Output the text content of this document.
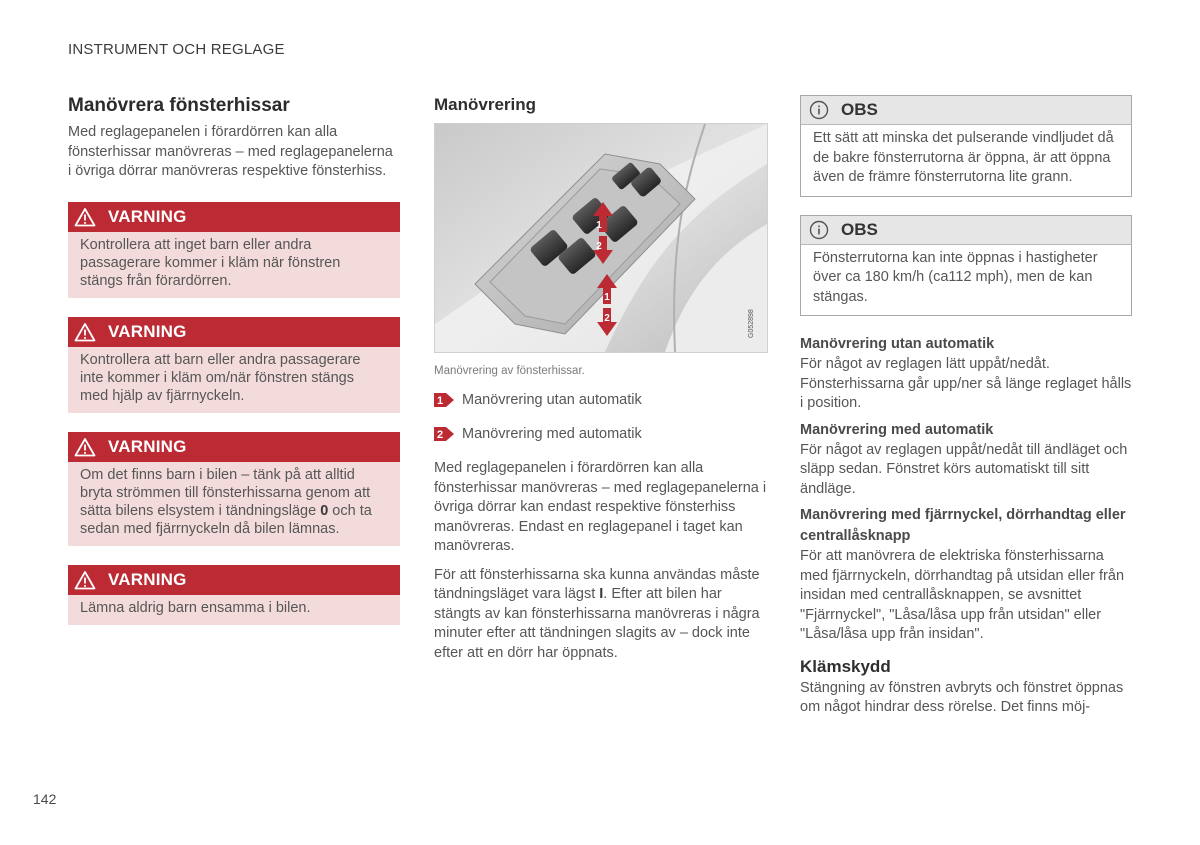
INSTRUMENT OCH REGLAGE
Manövrera fönsterhissar

Med reglagepanelen i förardörren kan alla fönsterhissar manövreras – med reglagepanelerna i övriga dörrar manövreras respektive fönsterhiss.

VARNING

Kontrollera att inget barn eller andra passagerare kommer i kläm när fönstren stängs från förardörren.

VARNING

Kontrollera att barn eller andra passagerare inte kommer i kläm om/när fönstren stängs med hjälp av fjärrnyckeln.

VARNING

Om det finns barn i bilen – tänk på att alltid bryta strömmen till fönsterhissarna genom att sätta bilens elsystem i tändningsläge 0 och ta sedan med fjärrnyckeln då bilen lämnas.

VARNING

Lämna aldrig barn ensamma i bilen.

Manövrering
1
2
1
2	G052898
Manövrering av fönsterhissar.
1 Manövrering utan automatik
2 Manövrering med automatik

Med reglagepanelen i förardörren kan alla fönsterhissar manövreras – med reglagepanelerna i övriga dörrar kan endast respektive fönsterhiss manövreras. Endast en reglagepanel i taget kan manövreras.

För att fönsterhissarna ska kunna användas måste tändningsläget vara lägst I. Efter att bilen har stängts av kan fönsterhissarna manövreras i några minuter efter att tändningen slagits av – dock inte efter att en dörr har öppnats.

OBS

Ett sätt att minska det pulserande vindljudet då de bakre fönsterrutorna är öppna, är att öppna även de främre fönsterrutorna lite grann.

OBS

Fönsterrutorna kan inte öppnas i hastigheter över ca 180 km/h (ca112 mph), men de kan stängas.

Manövrering utan automatik

För något av reglagen lätt uppåt/nedåt. Fönsterhissarna går upp/ner så länge reglaget hålls i position.

Manövrering med automatik

För något av reglagen uppåt/nedåt till ändläget och släpp sedan. Fönstret körs automatiskt till sitt ändläge.

Manövrering med fjärrnyckel, dörrhandtag eller centrallåsknapp

För att manövrera de elektriska fönsterhissarna med fjärrnyckeln, dörrhandtag på utsidan eller från insidan med centrallåsknappen, se avsnittet "Fjärrnyckel", "Låsa/låsa upp från utsidan" eller "Låsa/låsa upp från insidan".

Klämskydd

Stängning av fönstren avbryts och fönstret öppnas om något hindrar dess rörelse. Det finns möj-

142
